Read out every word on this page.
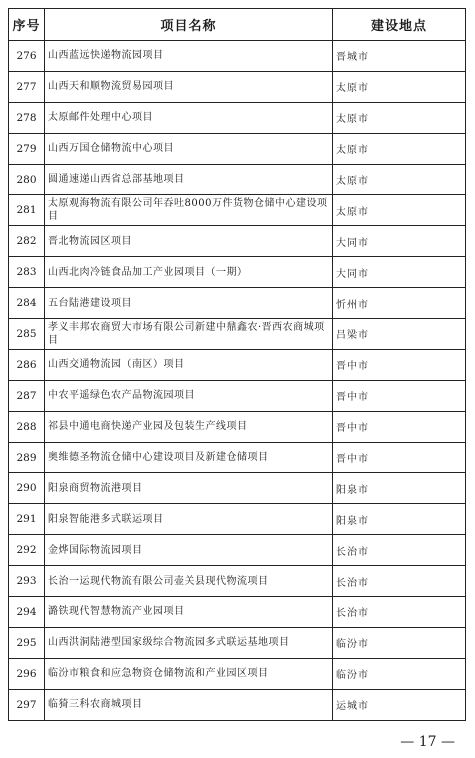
序号	项目名称	建设地点
276	山西蓝远快递物流园项目	晋城市
277	山西天和顺物流贸易园项目	太原市
278	太原邮件处理中心项目	太原市
279	山西万国仓储物流中心项目	太原市
280	圆通速递山西省总部基地项目	太原市
281	太原观海物流有限公司年吞吐8000万件货物仓储中心建设项目	太原市
282	晋北物流园区项目	大同市
283	山西北肉冷链食品加工产业园项目（一期）	大同市
284	五台陆港建设项目	忻州市
285	孝义丰邦农商贸大市场有限公司新建中鼎鑫农·晋西农商城项目	吕梁市
286	山西交通物流园（南区）项目	晋中市
287	中农平遥绿色农产品物流园项目	晋中市
288	祁县中通电商快递产业园及包装生产线项目	晋中市
289	奥维德圣物流仓储中心建设项目及新建仓储项目	晋中市
290	阳泉商贸物流港项目	阳泉市
291	阳泉智能港多式联运项目	阳泉市
292	金烨国际物流园项目	长治市
293	长治一运现代物流有限公司壶关县现代物流项目	长治市
294	潞铁现代智慧物流产业园项目	长治市
295	山西洪洞陆港型国家级综合物流园多式联运基地项目	临汾市
296	临汾市粮食和应急物资仓储物流和产业园区项目	临汾市
297	临猗三科农商城项目	运城市
— 17 —
